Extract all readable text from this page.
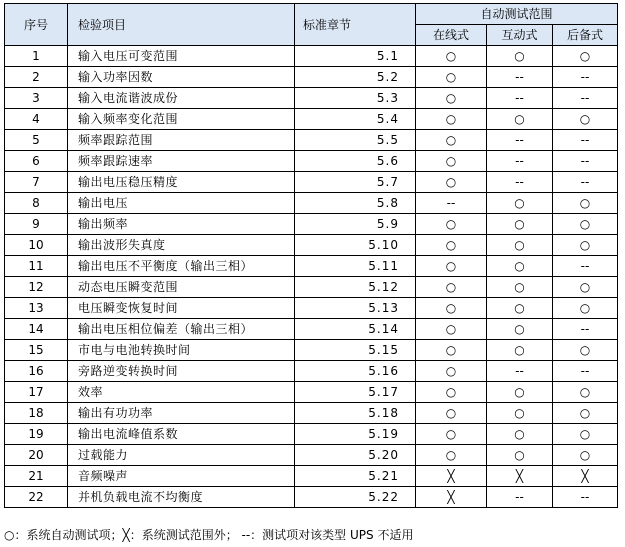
序号	检验项目	标准章节	自动测试范围		
			在线式	互动式	后备式
1	输入电压可变范围	5.1	○	○	○
2	输入功率因数	5.2	○	--	--
3	输入电流谐波成份	5.3	○	--	--
4	输入频率变化范围	5.4	○	○	○
5	频率跟踪范围	5.5	○	--	--
6	频率跟踪速率	5.6	○	--	--
7	输出电压稳压精度	5.7	○	--	--
8	输出电压	5.8	--	○	○
9	输出频率	5.9	○	○	○
10	输出波形失真度	5.10	○	○	○
11	输出电压不平衡度（输出三相）	5.11	○	○	--
12	动态电压瞬变范围	5.12	○	○	○
13	电压瞬变恢复时间	5.13	○	○	○
14	输出电压相位偏差（输出三相）	5.14	○	○	--
15	市电与电池转换时间	5.15	○	○	○
16	旁路逆变转换时间	5.16	○	--	--
17	效率	5.17	○	○	○
18	输出有功功率	5.18	○	○	○
19	输出电流峰值系数	5.19	○	○	○
20	过载能力	5.20	○	○	○
21	音频噪声	5.21	╳	╳	╳
22	并机负载电流不均衡度	5.22	╳	--	--
○：系统自动测试项；╳：系统测试范围外； --：测试项对该类型 UPS 不适用
